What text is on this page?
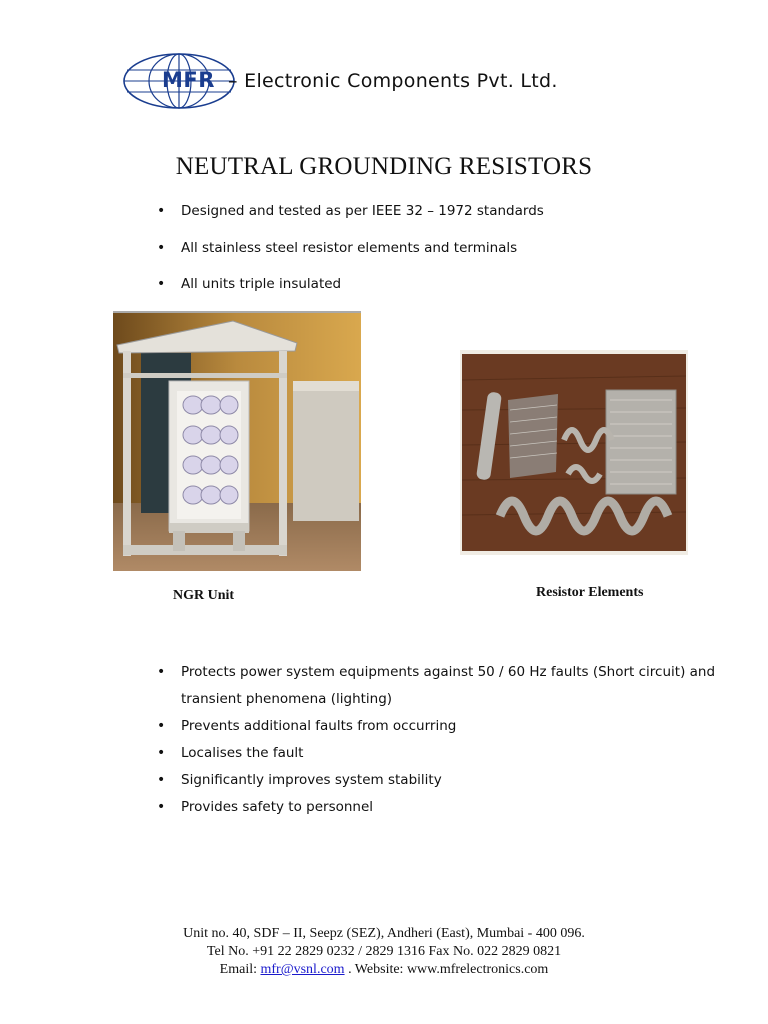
MFR – Electronic Components Pvt. Ltd.
NEUTRAL GROUNDING RESISTORS
• Designed and tested as per IEEE 32 – 1972 standards
• All stainless steel resistor elements and terminals
• All units triple insulated
NGR Unit	Resistor Elements
• Protects power system equipments against 50 / 60 Hz faults (Short circuit) and transient phenomena (lighting)
• Prevents additional faults from occurring
• Localises the fault
• Significantly improves system stability
• Provides safety to personnel
Unit no. 40, SDF – II, Seepz (SEZ), Andheri (East), Mumbai - 400 096.
Tel No. +91 22 2829 0232 / 2829 1316 Fax No. 022 2829 0821
Email: mfr@vsnl.com . Website: www.mfrelectronics.com
